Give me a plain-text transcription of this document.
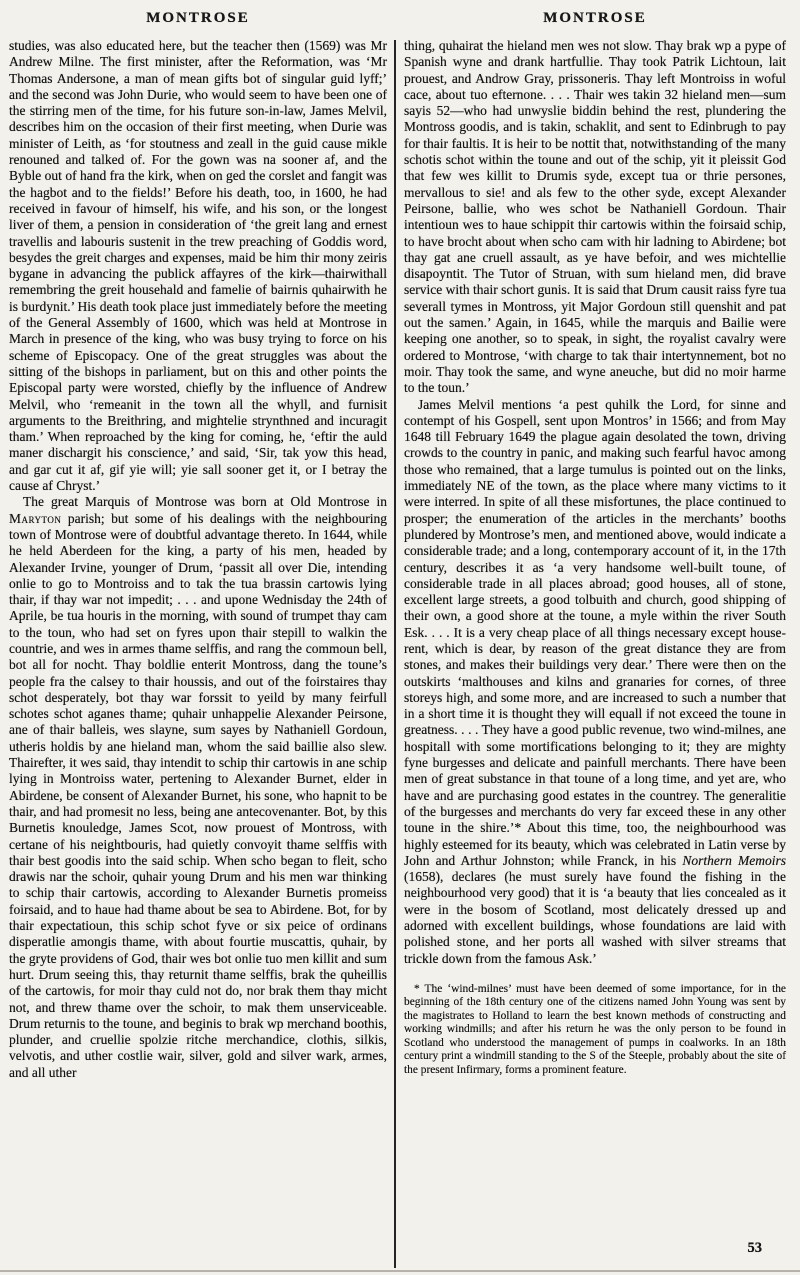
MONTROSE

studies, was also educated here, but the teacher then (1569) was Mr Andrew Milne. The first minister, after the Reformation, was ‘Mr Thomas Andersone, a man of mean gifts bot of singular guid lyff;’ and the second was John Durie, who would seem to have been one of the stirring men of the time, for his future son-in-law, James Melvil, describes him on the occasion of their first meeting, when Durie was minister of Leith, as ‘for stoutness and zeall in the guid cause mikle renouned and talked of. For the gown was na sooner af, and the Byble out of hand fra the kirk, when on ged the corslet and fangit was the hagbot and to the fields!’ Before his death, too, in 1600, he had received in favour of himself, his wife, and his son, or the longest liver of them, a pension in consideration of ‘the greit lang and ernest travellis and labouris sustenit in the trew preaching of Goddis word, besydes the greit charges and expenses, maid be him thir mony zeiris bygane in advancing the publick affayres of the kirk—thairwithall remembring the greit househald and famelie of bairnis quhairwith he is burdynit.’ His death took place just immediately before the meeting of the General Assembly of 1600, which was held at Montrose in March in presence of the king, who was busy trying to force on his scheme of Episcopacy. One of the great struggles was about the sitting of the bishops in parliament, but on this and other points the Episcopal party were worsted, chiefly by the influence of Andrew Melvil, who ‘remeanit in the town all the whyll, and furnisit arguments to the Breithring, and mightelie strynthned and incuragit tham.’ When reproached by the king for coming, he, ‘eftir the auld maner dischargit his conscience,’ and said, ‘Sir, tak yow this head, and gar cut it af, gif yie will; yie sall sooner get it, or I betray the cause af Chryst.’

The great Marquis of Montrose was born at Old Montrose in Maryton parish; but some of his dealings with the neighbouring town of Montrose were of doubtful advantage thereto. In 1644, while he held Aberdeen for the king, a party of his men, headed by Alexander Irvine, younger of Drum, ‘passit all over Die, intending onlie to go to Montroiss and to tak the tua brassin cartowis lying thair, if thay war not impedit; . . . and upone Wednisday the 24th of Aprile, be tua houris in the morning, with sound of trumpet thay cam to the toun, who had set on fyres upon thair stepill to walkin the countrie, and wes in armes thame selffis, and rang the commoun bell, bot all for nocht. Thay boldlie enterit Montross, dang the toune’s people fra the calsey to thair houssis, and out of the foirstaires thay schot desperately, bot thay war forssit to yeild by many feirfull schotes schot aganes thame; quhair unhappelie Alexander Peirsone, ane of thair balleis, wes slayne, sum sayes by Nathaniell Gordoun, utheris holdis by ane hieland man, whom the said baillie also slew. Thairefter, it wes said, thay intendit to schip thir cartowis in ane schip lying in Montroiss water, pertening to Alexander Burnet, elder in Abirdene, be consent of Alexander Burnet, his sone, who hapnit to be thair, and had promesit no less, being ane antecovenanter. Bot, by this Burnetis knouledge, James Scot, now prouest of Montross, with certane of his neightbouris, had quietly convoyit thame selffis with thair best goodis into the said schip. When scho began to fleit, scho drawis nar the schoir, quhair young Drum and his men war thinking to schip thair cartowis, according to Alexander Burnetis promeiss foirsaid, and to haue had thame about be sea to Abirdene. Bot, for by thair expectatioun, this schip schot fyve or six peice of ordinans disperatlie amongis thame, with about fourtie muscattis, quhair, by the gryte providens of God, thair wes bot onlie tuo men killit and sum hurt. Drum seeing this, thay returnit thame selffis, brak the quheillis of the cartowis, for moir thay culd not do, nor brak them thay micht not, and threw thame over the schoir, to mak them unserviceable. Drum returnis to the toune, and beginis to brak wp merchand boothis, plunder, and cruellie spolzie ritche merchandice, clothis, silkis, velvotis, and uther costlie wair, silver, gold and silver wark, armes, and all uther

MONTROSE

thing, quhairat the hieland men wes not slow. Thay brak wp a pype of Spanish wyne and drank hartfullie. Thay took Patrik Lichtoun, lait prouest, and Androw Gray, prissoneris. Thay left Montroiss in woful cace, about tuo efternone. . . . Thair wes takin 32 hieland men—sum sayis 52—who had unwyslie biddin behind the rest, plundering the Montross goodis, and is takin, schaklit, and sent to Edinbrugh to pay for thair faultis. It is heir to be nottit that, notwithstanding of the many schotis schot within the toune and out of the schip, yit it pleissit God that few wes killit to Drumis syde, except tua or thrie persones, mervallous to sie! and als few to the other syde, except Alexander Peirsone, ballie, who wes schot be Nathaniell Gordoun. Thair intentioun wes to haue schippit thir cartowis within the foirsaid schip, to have brocht about when scho cam with hir ladning to Abirdene; bot thay gat ane cruell assault, as ye have befoir, and wes michtellie disapoyntit. The Tutor of Struan, with sum hieland men, did brave service with thair schort gunis. It is said that Drum causit raiss fyre tua severall tymes in Montross, yit Major Gordoun still quenshit and pat out the samen.’ Again, in 1645, while the marquis and Bailie were keeping one another, so to speak, in sight, the royalist cavalry were ordered to Montrose, ‘with charge to tak thair intertynnement, bot no moir. Thay took the same, and wyne aneuche, but did no moir harme to the toun.’

James Melvil mentions ‘a pest quhilk the Lord, for sinne and contempt of his Gospell, sent upon Montros’ in 1566; and from May 1648 till February 1649 the plague again desolated the town, driving crowds to the country in panic, and making such fearful havoc among those who remained, that a large tumulus is pointed out on the links, immediately NE of the town, as the place where many victims to it were interred. In spite of all these misfortunes, the place continued to prosper; the enumeration of the articles in the merchants’ booths plundered by Montrose’s men, and mentioned above, would indicate a considerable trade; and a long, contemporary account of it, in the 17th century, describes it as ‘a very handsome well-built toune, of considerable trade in all places abroad; good houses, all of stone, excellent large streets, a good tolbuith and church, good shipping of their own, a good shore at the toune, a myle within the river South Esk. . . . It is a very cheap place of all things necessary except house-rent, which is dear, by reason of the great distance they are from stones, and makes their buildings very dear.’ There were then on the outskirts ‘malthouses and kilns and granaries for cornes, of three storeys high, and some more, and are increased to such a number that in a short time it is thought they will equall if not exceed the toune in greatness. . . . They have a good public revenue, two wind-milnes, ane hospitall with some mortifications belonging to it; they are mighty fyne burgesses and delicate and painfull merchants. There have been men of great substance in that toune of a long time, and yet are, who have and are purchasing good estates in the countrey. The generalitie of the burgesses and merchants do very far exceed these in any other toune in the shire.’* About this time, too, the neighbourhood was highly esteemed for its beauty, which was celebrated in Latin verse by John and Arthur Johnston; while Franck, in his Northern Memoirs (1658), declares (he must surely have found the fishing in the neighbourhood very good) that it is ‘a beauty that lies concealed as it were in the bosom of Scotland, most delicately dressed up and adorned with excellent buildings, whose foundations are laid with polished stone, and her ports all washed with silver streams that trickle down from the famous Ask.’

* The ‘wind-milnes’ must have been deemed of some importance, for in the beginning of the 18th century one of the citizens named John Young was sent by the magistrates to Holland to learn the best known methods of constructing and working windmills; and after his return he was the only person to be found in Scotland who understood the management of pumps in coalworks. In an 18th century print a windmill standing to the S of the Steeple, probably about the site of the present Infirmary, forms a prominent feature.

53
